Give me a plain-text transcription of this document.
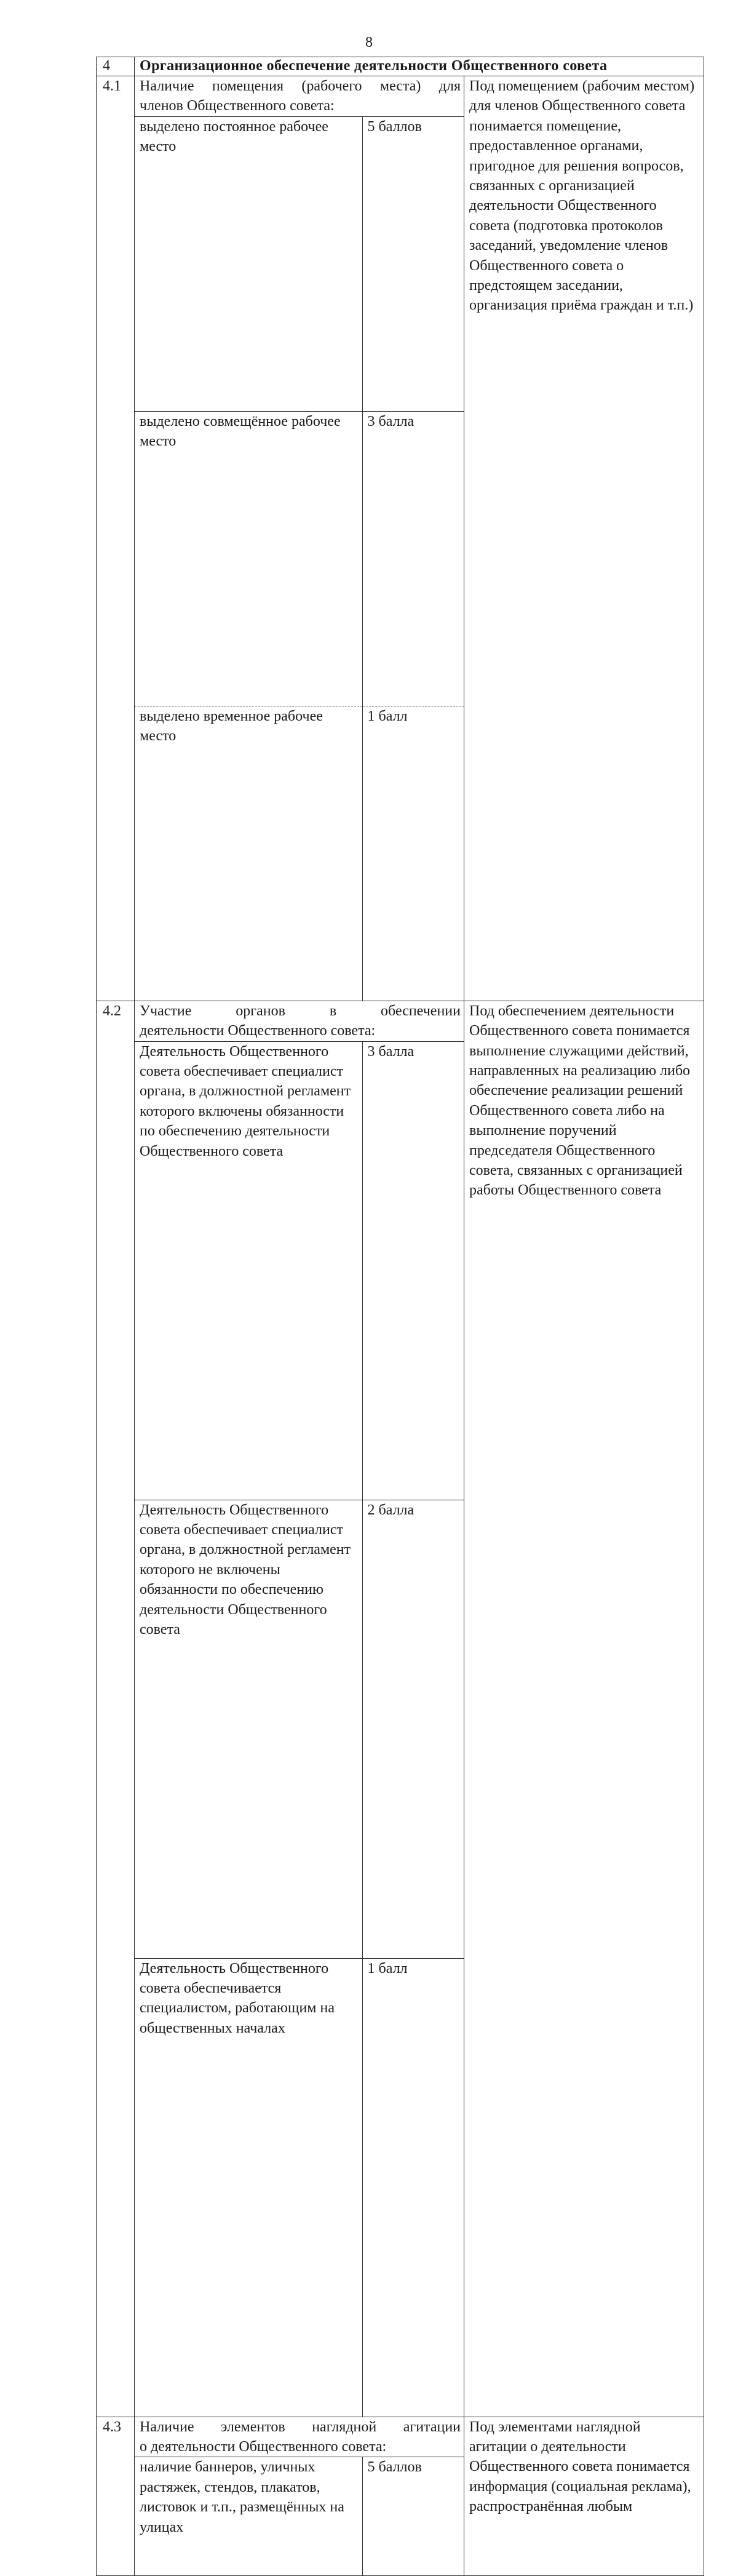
8
4	Организационное обеспечение деятельности Общественного совета
4.1	Наличие помещения (рабочего места) для
членов Общественного совета:

выделено постоянное рабочее место	5 баллов
выделено совмещённое рабочее место	3 балла
выделено временное рабочее место	1 балл
	Под помещением (рабочим местом) для членов Общественного совета понимается помещение, предоставленное органами, пригодное для решения вопросов, связанных с организацией деятельности Общественного совета (подготовка протоколов заседаний, уведомление членов Общественного совета о предстоящем заседании, организация приёма граждан и т.п.)
4.2	Участие органов в обеспечении
деятельности Общественного совета:

Деятельность Общественного совета обеспечивает специалист органа, в должностной регламент которого включены обязанности по обеспечению деятельности Общественного совета	3 балла
Деятельность Общественного совета обеспечивает специалист органа, в должностной регламент которого не включены обязанности по обеспечению деятельности Общественного совета	2 балла
Деятельность Общественного совета обеспечивается специалистом, работающим на общественных началах	1 балл
	Под обеспечением деятельности Общественного совета понимается выполнение служащими действий, направленных на реализацию либо обеспечение реализации решений Общественного совета либо на выполнение поручений председателя Общественного совета, связанных с организацией работы Общественного совета
4.3	Наличие элементов наглядной агитации
о деятельности Общественного совета:

наличие баннеров, уличных растяжек, стендов, плакатов, листовок и т.п., размещённых на улицах	5 баллов
	Под элементами наглядной агитации о деятельности Общественного совета понимается информация (социальная реклама), распространённая любым
